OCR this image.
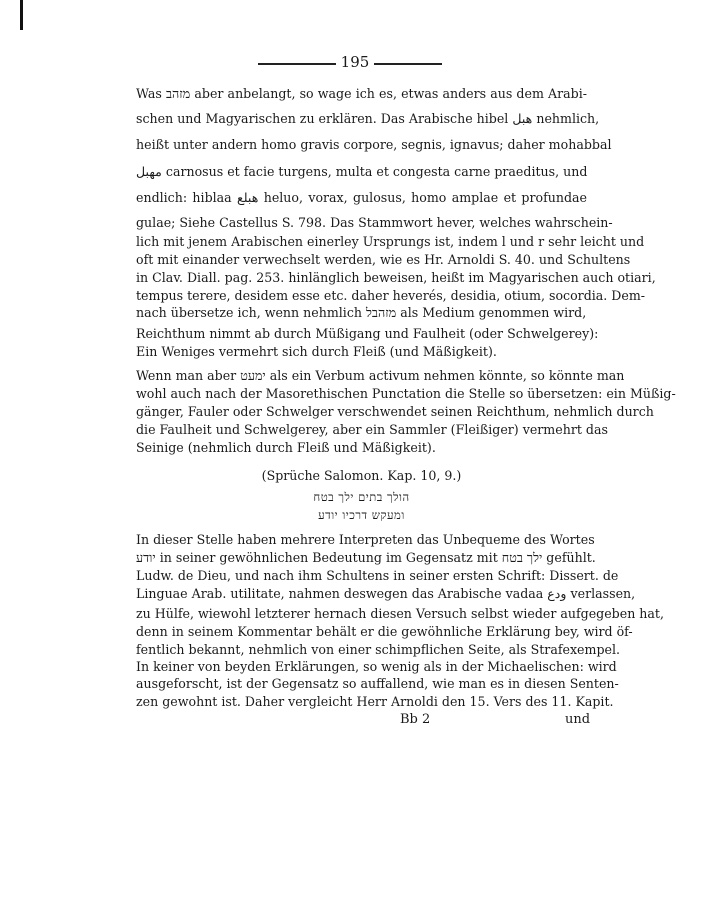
195
Was מזהב aber anbelangt, so wage ich es, etwas anders aus dem Arabi-
schen und Magyarischen zu erklären. Das Arabische hibel هبل nehmlich,
heißt unter andern homo gravis corpore, segnis, ignavus; daher mohabbal
مهبل carnosus et facie turgens, multa et congesta carne praeditus, und
endlich: hiblaa هبلع heluo, vorax, gulosus, homo amplae et profundae
gulae; Siehe Castellus S. 798. Das Stammwort hever, welches wahrschein-
lich mit jenem Arabischen einerley Ursprungs ist, indem l und r sehr leicht und
oft mit einander verwechselt werden, wie es Hr. Arnoldi S. 40. und Schultens
in Clav. Diall. pag. 253. hinlänglich beweisen, heißt im Magyarischen auch otiari,
tempus terere, desidem esse etc. daher heverés, desidia, otium, socordia. Dem-
nach übersetze ich, wenn nehmlich מזהבל als Medium genommen wird,
Reichthum nimmt ab durch Müßigang und Faulheit (oder Schwelgerey):
Ein Weniges vermehrt sich durch Fleiß (und Mäßigkeit).
Wenn man aber ימעט als ein Verbum activum nehmen könnte, so könnte man
wohl auch nach der Masorethischen Punctation die Stelle so übersetzen: ein Müßig-
gänger, Fauler oder Schwelger verschwendet seinen Reichthum, nehmlich durch
die Faulheit und Schwelgerey, aber ein Sammler (Fleißiger) vermehrt das
Seinige (nehmlich durch Fleiß und Mäßigkeit).
(Sprüche Salomon. Kap. 10, 9.)
הולך בתים ילך בטח
ומעקש דרכיו יודע
In dieser Stelle haben mehrere Interpreten das Unbequeme des Wortes
יודע in seiner gewöhnlichen Bedeutung im Gegensatz mit ילך בטח gefühlt.
Ludw. de Dieu, und nach ihm Schultens in seiner ersten Schrift: Dissert. de
Linguae Arab. utilitate, nahmen deswegen das Arabische vadaa ودع verlassen,
zu Hülfe, wiewohl letzterer hernach diesen Versuch selbst wieder aufgegeben hat,
denn in seinem Kommentar behält er die gewöhnliche Erklärung bey, wird öf-
fentlich bekannt, nehmlich von einer schimpflichen Seite, als Strafexempel.
In keiner von beyden Erklärungen, so wenig als in der Michaelischen: wird
ausgeforscht, ist der Gegensatz so auffallend, wie man es in diesen Senten-
zen gewohnt ist. Daher vergleicht Herr Arnoldi den 15. Vers des 11. Kapit.
Bb 2	und
